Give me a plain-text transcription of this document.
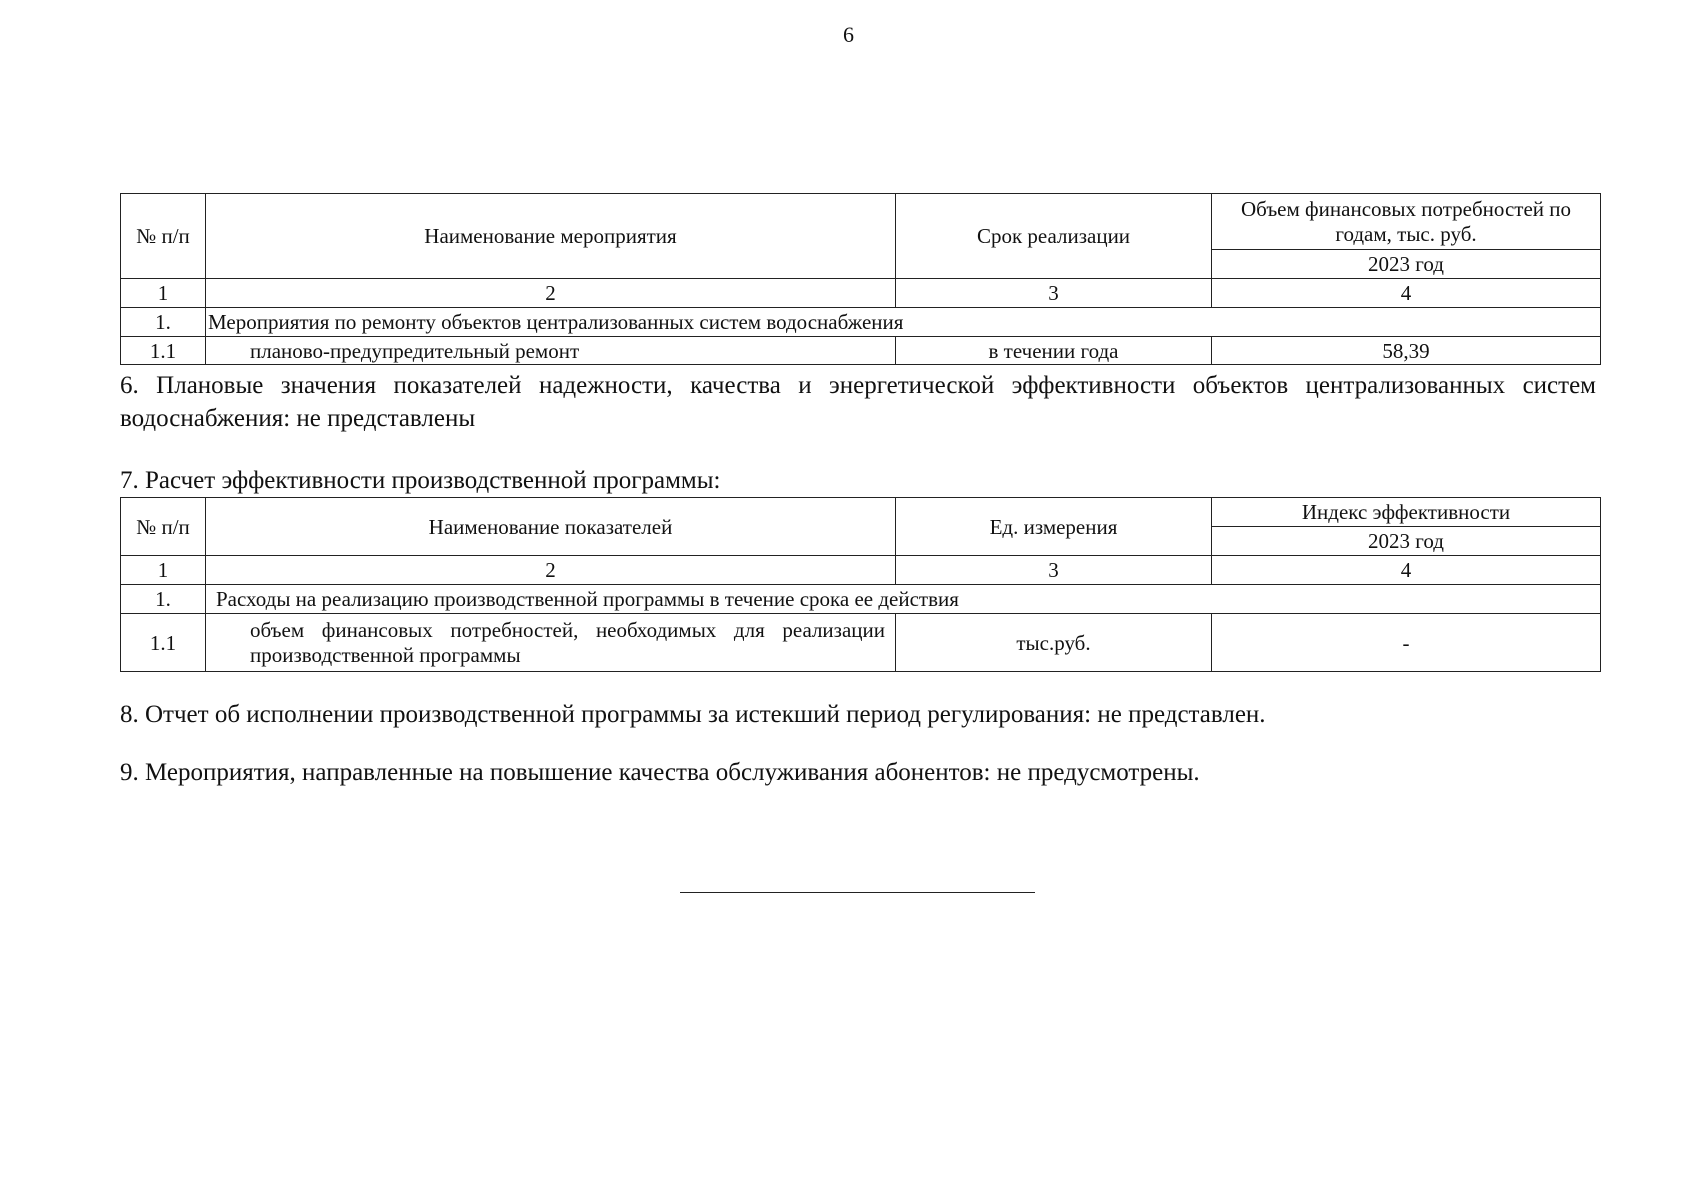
6
№ п/п	Наименование мероприятия	Срок реализации	Объем финансовых потребностей по годам, тыс. руб.
			2023 год
1	2	3	4
1.	Мероприятия по ремонту объектов централизованных систем водоснабжения		
1.1	планово-предупредительный ремонт	в течении года	58,39

6. Плановые значения показателей надежности, качества и энергетической эффективности объектов централизованных систем водоснабжения: не представлены

7. Расчет эффективности производственной программы:

№ п/п	Наименование показателей	Ед. измерения	Индекс эффективности
			2023 год
1	2	3	4
1.	Расходы на реализацию производственной программы в течение срока ее действия		
1.1	объем финансовых потребностей, необходимых для реализации производственной программы	тыс.руб.	-

8. Отчет об исполнении производственной программы за истекший период регулирования: не представлен.

9. Мероприятия, направленные на повышение качества обслуживания абонентов: не предусмотрены.
